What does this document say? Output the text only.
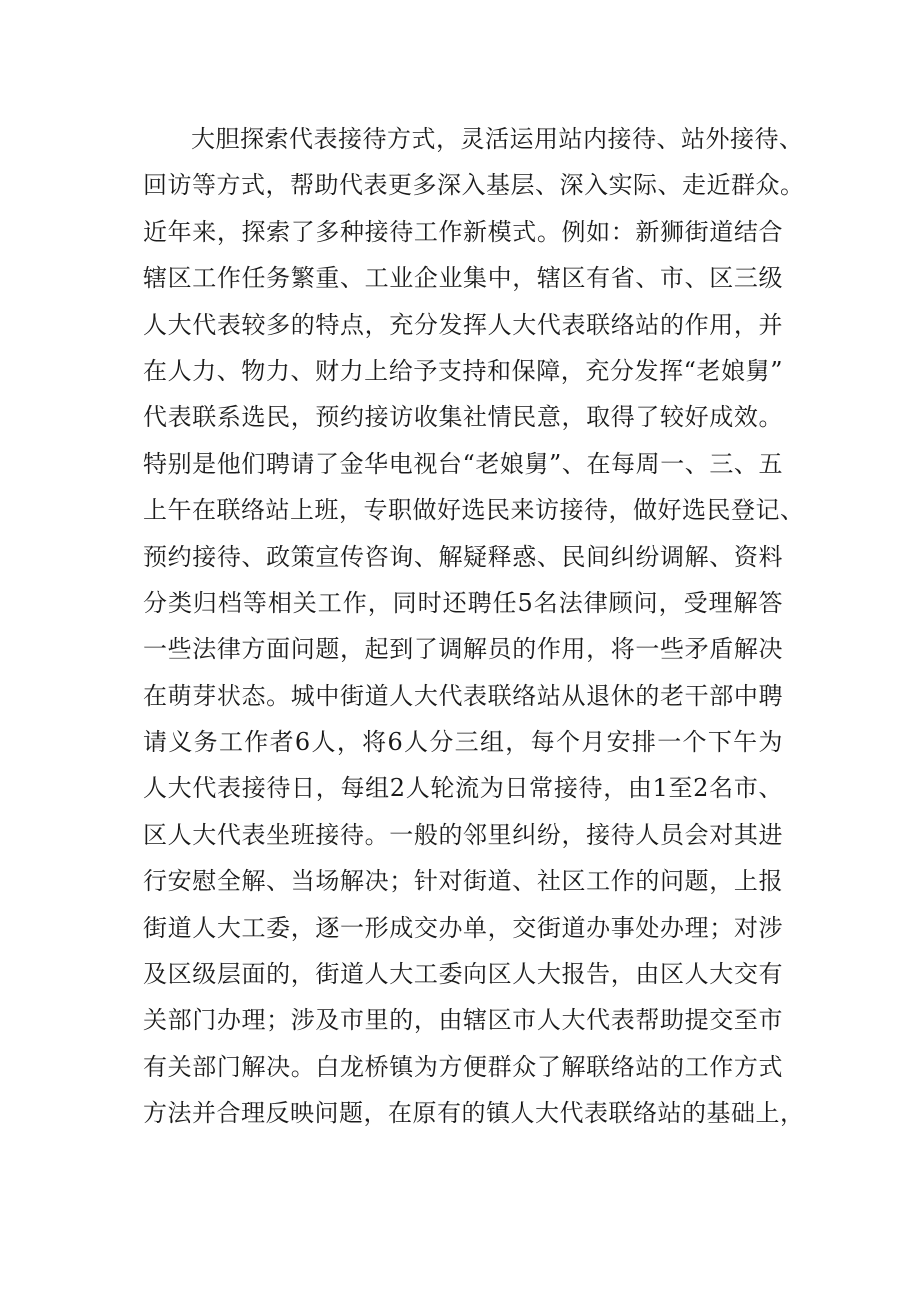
大胆探索代表接待方式，灵活运用站内接待、站外接待、
回访等方式，帮助代表更多深入基层、深入实际、走近群众。
近年来，探索了多种接待工作新模式。例如：新狮街道结合
辖区工作任务繁重、工业企业集中，辖区有省、市、区三级
人大代表较多的特点，充分发挥人大代表联络站的作用，并
在人力、物力、财力上给予支持和保障，充分发挥“老娘舅”
代表联系选民，预约接访收集社情民意，取得了较好成效。
特别是他们聘请了金华电视台“老娘舅”、在每周一、三、五
上午在联络站上班，专职做好选民来访接待，做好选民登记、
预约接待、政策宣传咨询、解疑释惑、民间纠纷调解、资料
分类归档等相关工作，同时还聘任5名法律顾问，受理解答
一些法律方面问题，起到了调解员的作用，将一些矛盾解决
在萌芽状态。城中街道人大代表联络站从退休的老干部中聘
请义务工作者6人，将6人分三组，每个月安排一个下午为
人大代表接待日，每组2人轮流为日常接待，由1至2名市、
区人大代表坐班接待。一般的邻里纠纷，接待人员会对其进
行安慰全解、当场解决；针对街道、社区工作的问题，上报
街道人大工委，逐一形成交办单，交街道办事处办理；对涉
及区级层面的，街道人大工委向区人大报告，由区人大交有
关部门办理；涉及市里的，由辖区市人大代表帮助提交至市
有关部门解决。白龙桥镇为方便群众了解联络站的工作方式
方法并合理反映问题，在原有的镇人大代表联络站的基础上，
